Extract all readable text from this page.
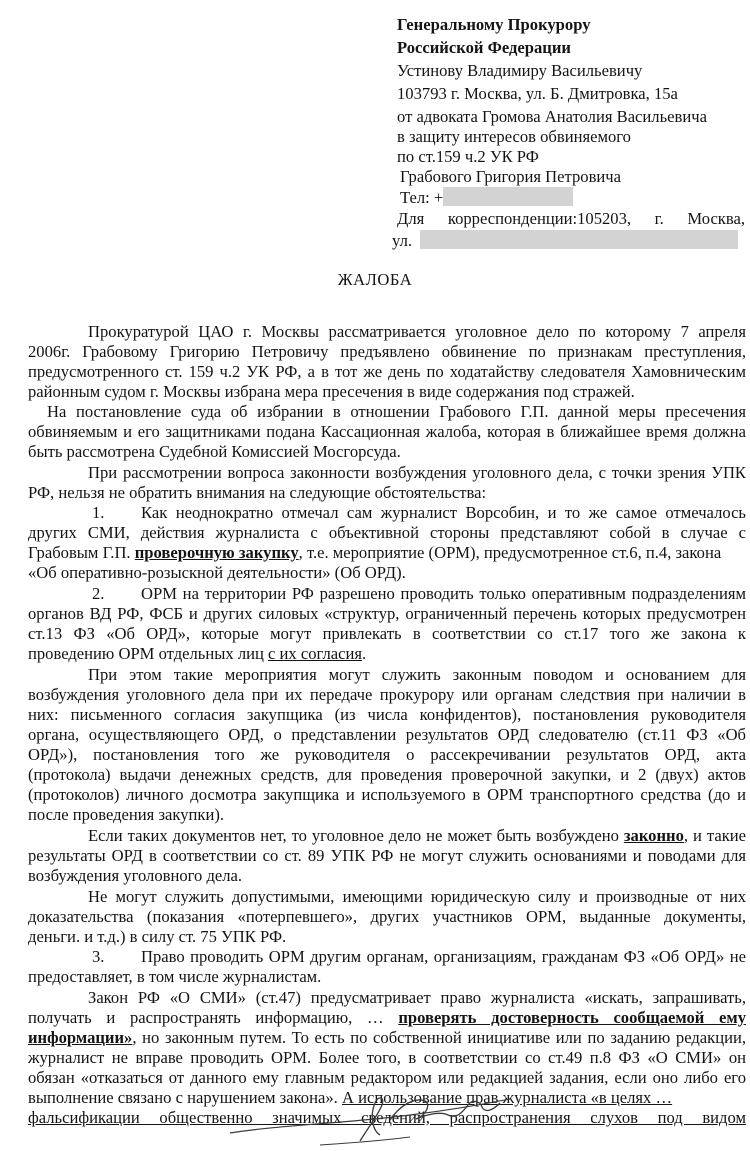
Генеральному Прокурору
Российской Федерации
Устинову Владимиру Васильевичу
103793 г. Москва, ул. Б. Дмитровка, 15а
от адвоката Громова Анатолия Васильевича
в защиту интересов обвиняемого
по ст.159 ч.2 УК РФ
Грабового Григория Петровича
Тел: +
Для корреспонденции:105203, г. Москва,
ул.
ЖАЛОБА
Прокуратурой ЦАО г. Москвы рассматривается уголовное дело по которому 7 апреля
2006г. Грабовому Григорию Петровичу предъявлено обвинение по признакам преступления,
предусмотренного ст. 159 ч.2 УК РФ, а в тот же день по ходатайству следователя Хамовническим
районным судом г. Москвы избрана мера пресечения в виде содержания под стражей.
На постановление суда об избрании в отношении Грабового Г.П. данной меры пресечения
обвиняемым и его защитниками подана Кассационная жалоба, которая в ближайшее время должна
быть рассмотрена Судебной Комиссией Мосгорсуда.
При рассмотрении вопроса законности возбуждения уголовного дела, с точки зрения УПК
РФ, нельзя не обратить внимания на следующие обстоятельства:
1. Как неоднократно отмечал сам журналист Ворсобин, и то же самое отмечалось
других СМИ, действия журналиста с объективной стороны представляют собой в случае с
Грабовым Г.П. проверочную закупку, т.е. мероприятие (ОРМ), предусмотренное ст.6, п.4, закона
«Об оперативно-розыскной деятельности» (Об ОРД).
2. ОРМ на территории РФ разрешено проводить только оперативным подразделениям
органов ВД РФ, ФСБ и других силовых «структур, ограниченный перечень которых предусмотрен
ст.13 ФЗ «Об ОРД», которые могут привлекать в соответствии со ст.17 того же закона к
проведению ОРМ отдельных лиц с их согласия.
При этом такие мероприятия могут служить законным поводом и основанием для
возбуждения уголовного дела при их передаче прокурору или органам следствия при наличии в
них: письменного согласия закупщика (из числа конфидентов), постановления руководителя
органа, осуществляющего ОРД, о представлении результатов ОРД следователю (ст.11 ФЗ «Об
ОРД»), постановления того же руководителя о рассекречивании результатов ОРД, акта
(протокола) выдачи денежных средств, для проведения проверочной закупки, и 2 (двух) актов
(протоколов) личного досмотра закупщика и используемого в ОРМ транспортного средства (до и
после проведения закупки).
Если таких документов нет, то уголовное дело не может быть возбуждено законно, и такие
результаты ОРД в соответствии со ст. 89 УПК РФ не могут служить основаниями и поводами для
возбуждения уголовного дела.
Не могут служить допустимыми, имеющими юридическую силу и производные от них
доказательства (показания «потерпевшего», других участников ОРМ, выданные документы,
деньги. и т.д.) в силу ст. 75 УПК РФ.
3. Право проводить ОРМ другим органам, организациям, гражданам ФЗ «Об ОРД» не
предоставляет, в том числе журналистам.
Закон РФ «О СМИ» (ст.47) предусматривает право журналиста «искать, запрашивать,
получать и распространять информацию, … проверять достоверность сообщаемой ему
информации», но законным путем. То есть по собственной инициативе или по заданию редакции,
журналист не вправе проводить ОРМ. Более того, в соответствии со ст.49 п.8 ФЗ «О СМИ» он
обязан «отказаться от данного ему главным редактором или редакцией задания, если оно либо его
выполнение связано с нарушением закона». А использование прав журналиста «в целях …
фальсификации общественно значимых сведений, распространения слухов под видом
